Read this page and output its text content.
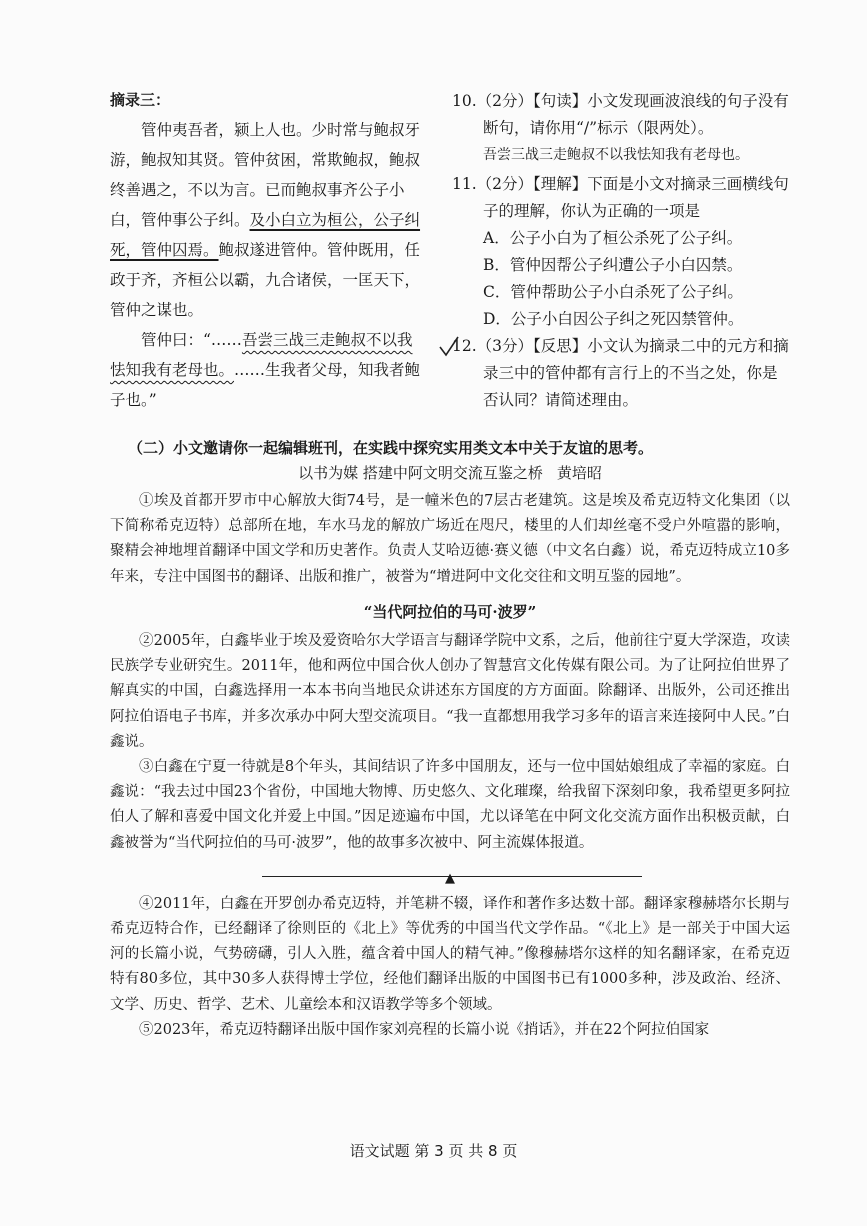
摘录三：

管仲夷吾者，颍上人也。少时常与鲍叔牙游，鲍叔知其贤。管仲贫困，常欺鲍叔，鲍叔终善遇之，不以为言。已而鲍叔事齐公子小白，管仲事公子纠。及小白立为桓公，公子纠死，管仲囚焉。鲍叔遂进管仲。管仲既用，任政于齐，齐桓公以霸，九合诸侯，一匡天下，管仲之谋也。

管仲曰：“……吾尝三战三走鲍叔不以我怯知我有老母也。……生我者父母，知我者鲍子也。”

10.（2分）【句读】小文发现画波浪线的句子没有断句，请你用“/”标示（限两处）。
吾尝三战三走鲍叔不以我怯知我有老母也。
11.（2分）【理解】下面是小文对摘录三画横线句子的理解，你认为正确的一项是

A．公子小白为了桓公杀死了公子纠。

B．管仲因帮公子纠遭公子小白囚禁。

C．管仲帮助公子小白杀死了公子纠。

D．公子小白因公子纠之死囚禁管仲。

12.（3分）【反思】小文认为摘录二中的元方和摘录三中的管仲都有言行上的不当之处，你是否认同？请简述理由。

（二）小文邀请你一起编辑班刊，在实践中探究实用类文本中关于友谊的思考。

以书为媒 搭建中阿文明交流互鉴之桥 黄培昭

①埃及首都开罗市中心解放大街74号，是一幢米色的7层古老建筑。这是埃及希克迈特文化集团（以下简称希克迈特）总部所在地，车水马龙的解放广场近在咫尺，楼里的人们却丝毫不受户外喧嚣的影响，聚精会神地埋首翻译中国文学和历史著作。负责人艾哈迈德·赛义德（中文名白鑫）说，希克迈特成立10多年来，专注中国图书的翻译、出版和推广，被誉为“增进阿中文化交往和文明互鉴的园地”。

“当代阿拉伯的马可·波罗”

②2005年，白鑫毕业于埃及爱资哈尔大学语言与翻译学院中文系，之后，他前往宁夏大学深造，攻读民族学专业研究生。2011年，他和两位中国合伙人创办了智慧宫文化传媒有限公司。为了让阿拉伯世界了解真实的中国，白鑫选择用一本本书向当地民众讲述东方国度的方方面面。除翻译、出版外，公司还推出阿拉伯语电子书库，并多次承办中阿大型交流项目。“我一直都想用我学习多年的语言来连接阿中人民。”白鑫说。

③白鑫在宁夏一待就是8个年头，其间结识了许多中国朋友，还与一位中国姑娘组成了幸福的家庭。白鑫说：“我去过中国23个省份，中国地大物博、历史悠久、文化璀璨，给我留下深刻印象，我希望更多阿拉伯人了解和喜爱中国文化并爱上中国。”因足迹遍布中国，尤以译笔在中阿文化交流方面作出积极贡献，白鑫被誉为“当代阿拉伯的马可·波罗”，他的故事多次被中、阿主流媒体报道。

▲

④2011年，白鑫在开罗创办希克迈特，并笔耕不辍，译作和著作多达数十部。翻译家穆赫塔尔长期与希克迈特合作，已经翻译了徐则臣的《北上》等优秀的中国当代文学作品。“《北上》是一部关于中国大运河的长篇小说，气势磅礴，引人入胜，蕴含着中国人的精气神。”像穆赫塔尔这样的知名翻译家，在希克迈特有80多位，其中30多人获得博士学位，经他们翻译出版的中国图书已有1000多种，涉及政治、经济、文学、历史、哲学、艺术、儿童绘本和汉语教学等多个领域。

⑤2023年，希克迈特翻译出版中国作家刘亮程的长篇小说《捎话》，并在22个阿拉伯国家

语文试题 第 3 页 共 8 页
